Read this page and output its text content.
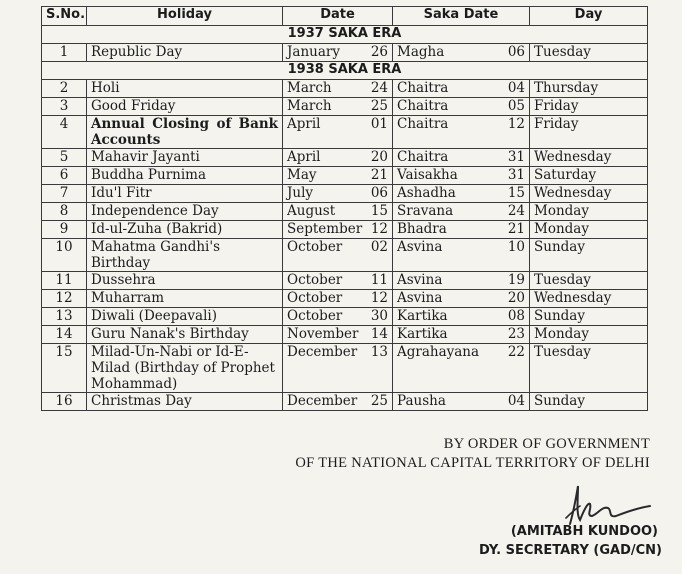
S.No.	Holiday	Date	Saka Date	Day
1937 SAKA ERA				
1	Republic Day	January 26	Magha 06	Tuesday
1938 SAKA ERA				
2	Holi	March 24	Chaitra 04	Thursday
3	Good Friday	March 25	Chaitra 05	Friday
4	Annual Closing of Bank Accounts	April 01	Chaitra 12	Friday
5	Mahavir Jayanti	April 20	Chaitra 31	Wednesday
6	Buddha Purnima	May 21	Vaisakha 31	Saturday
7	Idu'l Fitr	July 06	Ashadha 15	Wednesday
8	Independence Day	August 15	Sravana 24	Monday
9	Id-ul-Zuha (Bakrid)	September 12	Bhadra 21	Monday
10	Mahatma Gandhi's Birthday	October 02	Asvina 10	Sunday
11	Dussehra	October 11	Asvina 19	Tuesday
12	Muharram	October 12	Asvina 20	Wednesday
13	Diwali (Deepavali)	October 30	Kartika 08	Sunday
14	Guru Nanak's Birthday	November 14	Kartika 23	Monday
15	Milad-Un-Nabi or Id-E-Milad (Birthday of Prophet Mohammad)	December 13	Agrahayana 22	Tuesday
16	Christmas Day	December 25	Pausha 04	Sunday
BY ORDER OF GOVERNMENT
OF THE NATIONAL CAPITAL TERRITORY OF DELHI
(AMITABH KUNDOO)
DY. SECRETARY (GAD/CN)
